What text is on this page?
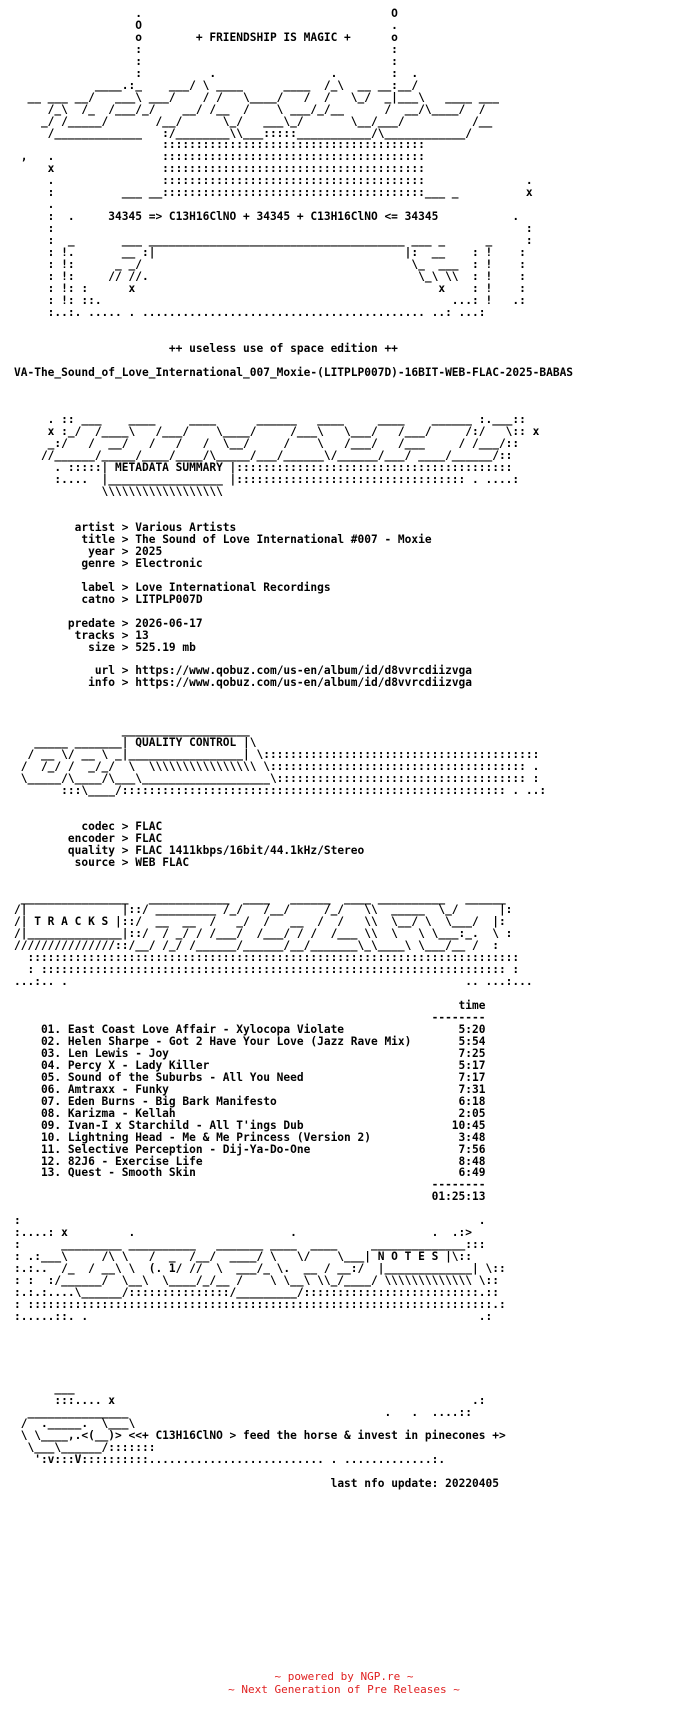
.                                     O
O                                     .
o        + FRIENDSHIP IS MAGIC +      o
:                                     :
:                                     :
:          .                 .        :  .
____.:_    ___/ \ ____      ____  /_\  __ __:__/
__ ___ __/   ___\ ___/    / /   \____/   /  /   \_/  _|___\   ____ ___
/_\  /_  /___/_/    __/ /__  /    \ ___/_/__      /  __/\____/  /
_/ /_____/       /__/      \_/   ___\_/       \__/___/          /__
/_____________   :/________\\___:::::___________/\____________/
:::::::::::::::::::::::::::::::::::::::
,   .                :::::::::::::::::::::::::::::::::::::::
x                :::::::::::::::::::::::::::::::::::::::
.                :::::::::::::::::::::::::::::::::::::::               .
:          ___ __:::::::::::::::::::::::::::::::::::::::___ _          x
.
:  .     34345 => C13H16ClNO + 34345 + C13H16ClNO <= 34345           .
:                                                                      :
:  _       ___ ______________________________________ ___ _      _     :
: !.       __ :|                                     |:  __    : !    :
: !:      _ _/                                        \_  ___  : !    :
: !:     // //.                                        \_\ \\  : !    :
: !: :      x                                             x    : !    :
: !: ::.                                                    ...: !   .:
:..:. ..... . .......................................... ..: ...:

++ useless use of space edition ++

VA-The_Sound_of_Love_International_007_Moxie-(LITPLP007D)-16BIT-WEB-FLAC-2025-BABAS

. :: ___    ____     ____      ______   ____     ____    ______ :.___::
x :_/  /____\   /___/    \____/     /___\   \___/   /___/     /:/   \:: x
_:/   /  __/   /   /   /  \__/     /    \   /___/   /___     / /___/::
//______/_____/____/____/\_____/___/______\/______/___/ ____/______/::
. :::::| METADATA SUMMARY |:::::::::::::::::::::::::::::::::::::::::
:....  |_________________ |:::::::::::::::::::::::::::::::::: . ....:
\\\\\\\\\\\\\\\\\\

artist > Various Artists
title > The Sound of Love International #007 - Moxie
year > 2025
genre > Electronic

label > Love International Recordings
catno > LITPLP007D

predate > 2026-06-17
tracks > 13
size > 525.19 mb

url > https://www.qobuz.com/us-en/album/id/d8vvrcdiizvga
info > https://www.qobuz.com/us-en/album/id/d8vvrcdiizvga

___________________
_____ _______| QUALITY CONTROL |\
/ __ \/ __ \ _|_________________| \:::::::::::::::::::::::::::::::::::::::::
/  /_/ /  _/_/  \  \\\\\\\\\\\\\\\\ \:::::::::::::::::::::::::::::::::::::: .
\_____/\____/\___\___________________\::::::::::::::::::::::::::::::::::::: :
:::\____/::::::::::::::::::::::::::::::::::::::::::::::::::::::::: . ..:

codec > FLAC
encoder > FLAC
quality > FLAC 1411kbps/16bit/44.1kHz/Stereo
source > WEB FLAC

________________   ____________  ____   ______  ____ __________   ______
/|              |::/ _________ /_/   /__/     /_/   \\  _____  \_/      |:
/| T R A C K S |::/  __  __  /   _/  /   __  /  /   \\  \__/ \  \___/  |:
/|______________|::/  / _/ / /___/  /___/ / /  /___ \\  \   \ \___:_.  \ :
///////////////::/__/ /_/ /______/______/__/_______\_\____\ \___/__ /  :
:::::::::::::::::::::::::::::::::::::::::::::::::::::::::::::::::::::::::
: ::::::::::::::::::::::::::::::::::::::::::::::::::::::::::::::::::::: :
...:.. .                                                           .. ...:...

time
--------
01. East Coast Love Affair - Xylocopa Violate                 5:20
02. Helen Sharpe - Got 2 Have Your Love (Jazz Rave Mix)       5:54
03. Len Lewis - Joy                                           7:25
04. Percy X - Lady Killer                                     5:17
05. Sound of the Suburbs - All You Need                       7:17
06. Amtraxx - Funky                                           7:31
07. Eden Burns - Big Bark Manifesto                           6:18
08. Karizma - Kellah                                          2:05
09. Ivan-I x Starchild - All T'ings Dub                      10:45
10. Lightning Head - Me & Me Princess (Version 2)             3:48
11. Selective Perception - Dij-Ya-Do-One                      7:56
12. 82J6 - Exercise Life                                      8:48
13. Quest - Smooth Skin                                       6:49
--------
01:25:13

:                                                                    .
:....: x         .                       .                    .  .:>
:      _________ __________   _______ ____  ____     ______________:::
: .:___\     /\ \   /  _  /__/  ____/ \   \/    \___| N O T E S |\::
:.:..  /_  / __\ \  (. 1/ //  \  ___/_ \.  __ / __:/  |_____________| \::
: :  :/______/  \__\  \____/_/__ /    \ \__\ \\_/____/ \\\\\\\\\\\\\ \::
:.:.:....\______/:::::::::::::::/_________/::::::::::::::::::::::::::.::
: :::::::::::::::::::::::::::::::::::::::::::::::::::::::::::::::::::::.:
:.....::. .                                                          .:

___
:::.... x                                                     .:
_______________                                      .   .  ....::
/  ._____.  \___\
\ \____,.<(__)> <<+ C13H16ClNO > feed the horse & invest in pinecones +>
\___\______/:::::::
':v:::V::::::::::.......................... . .............:.

last nfo update: 20220405
~ powered by NGP.re ~
~ Next Generation of Pre Releases ~
